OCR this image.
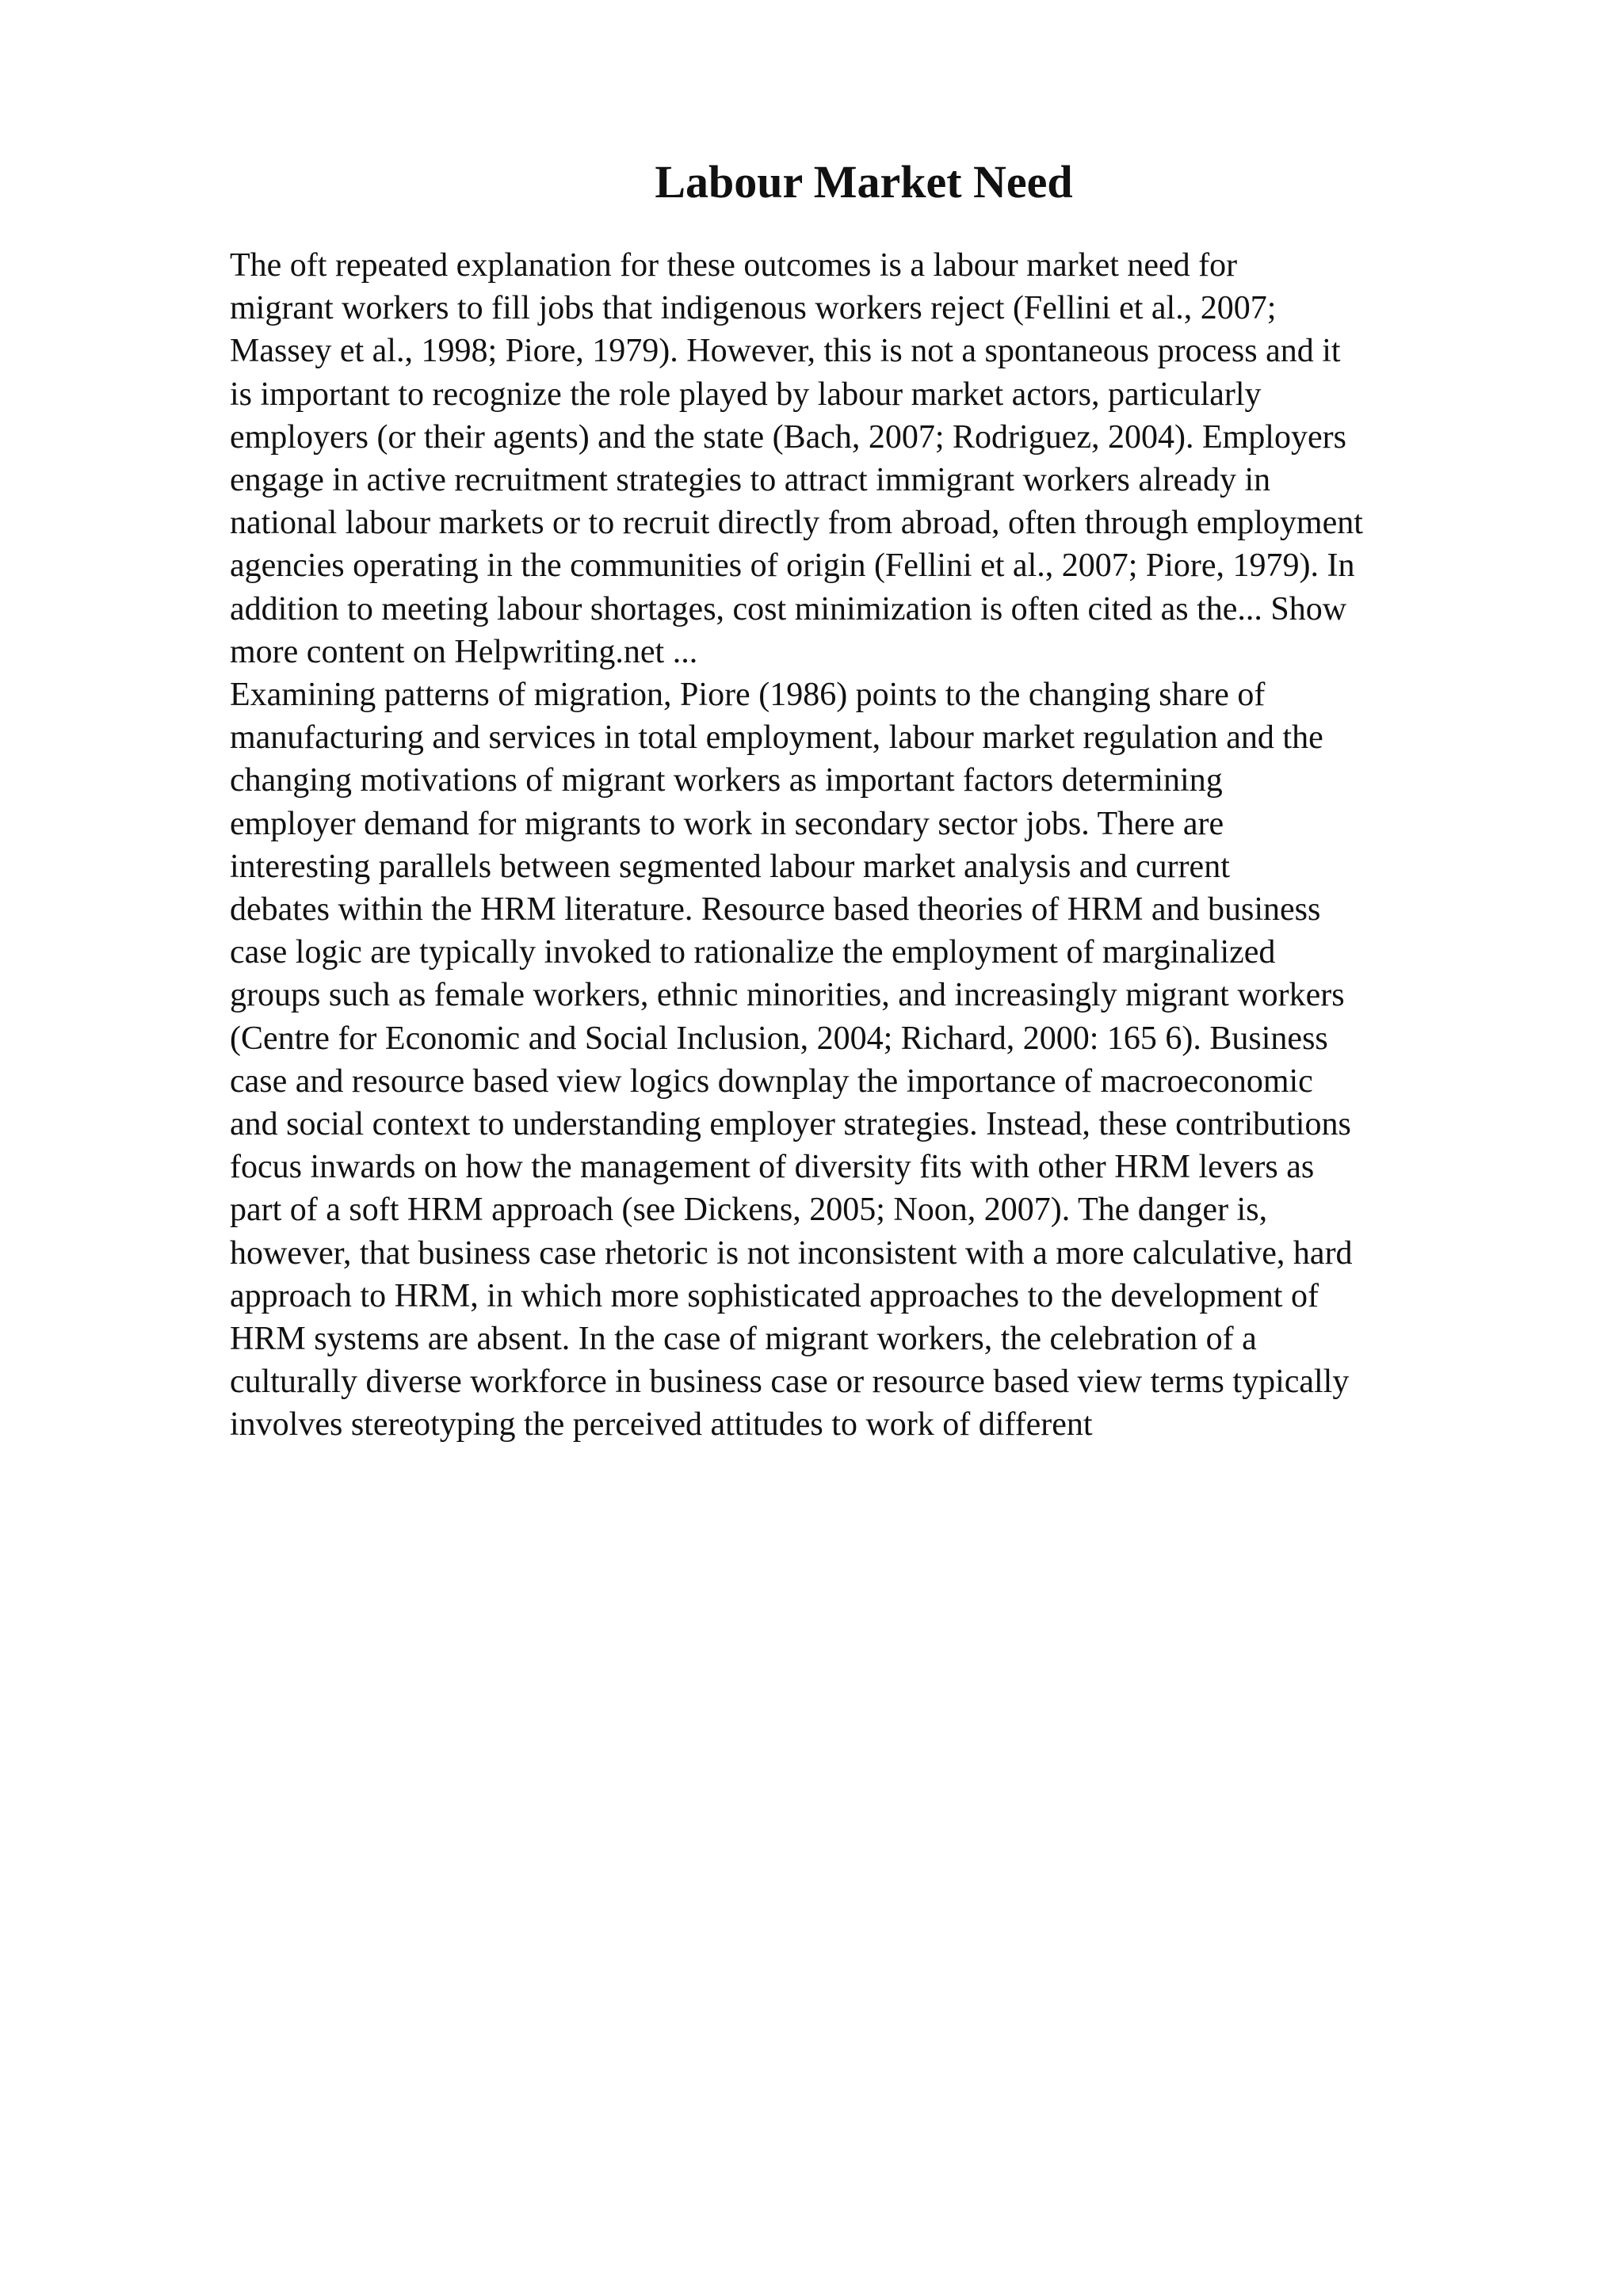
Labour Market Need
The oft repeated explanation for these outcomes is a labour market need for
migrant workers to fill jobs that indigenous workers reject (Fellini et al., 2007;
Massey et al., 1998; Piore, 1979). However, this is not a spontaneous process and it
is important to recognize the role played by labour market actors, particularly
employers (or their agents) and the state (Bach, 2007; Rodriguez, 2004). Employers
engage in active recruitment strategies to attract immigrant workers already in
national labour markets or to recruit directly from abroad, often through employment
agencies operating in the communities of origin (Fellini et al., 2007; Piore, 1979). In
addition to meeting labour shortages, cost minimization is often cited as the... Show
more content on Helpwriting.net ...
Examining patterns of migration, Piore (1986) points to the changing share of
manufacturing and services in total employment, labour market regulation and the
changing motivations of migrant workers as important factors determining
employer demand for migrants to work in secondary sector jobs. There are
interesting parallels between segmented labour market analysis and current
debates within the HRM literature. Resource based theories of HRM and business
case logic are typically invoked to rationalize the employment of marginalized
groups such as female workers, ethnic minorities, and increasingly migrant workers
(Centre for Economic and Social Inclusion, 2004; Richard, 2000: 165 6). Business
case and resource based view logics downplay the importance of macroeconomic
and social context to understanding employer strategies. Instead, these contributions
focus inwards on how the management of diversity fits with other HRM levers as
part of a soft HRM approach (see Dickens, 2005; Noon, 2007). The danger is,
however, that business case rhetoric is not inconsistent with a more calculative, hard
approach to HRM, in which more sophisticated approaches to the development of
HRM systems are absent. In the case of migrant workers, the celebration of a
culturally diverse workforce in business case or resource based view terms typically
involves stereotyping the perceived attitudes to work of different
